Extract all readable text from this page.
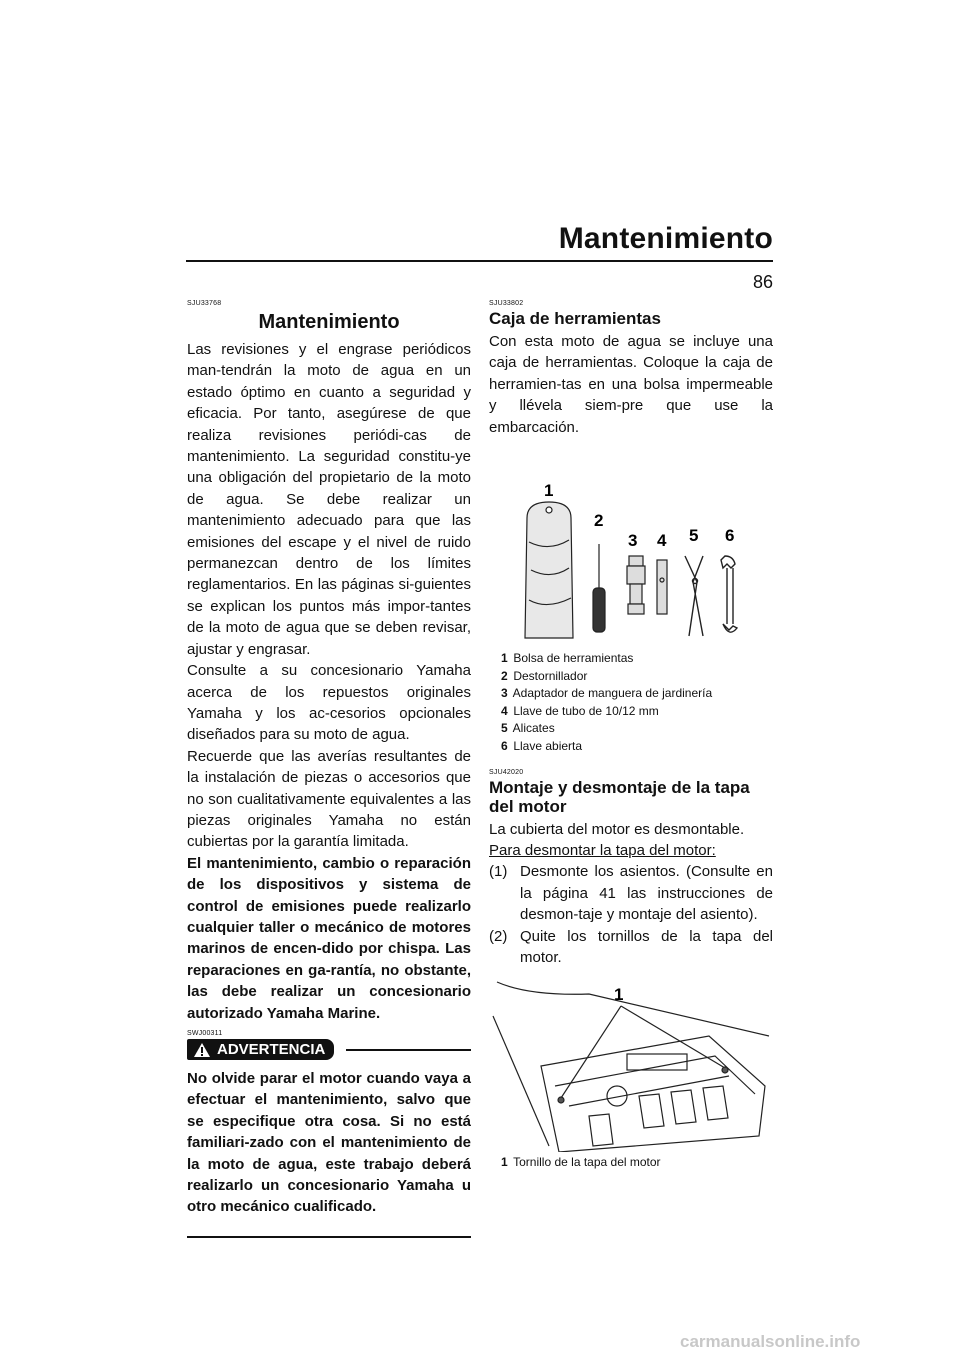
Mantenimiento
86
SJU33768
Mantenimiento

Las revisiones y el engrase periódicos man-tendrán la moto de agua en un estado óptimo en cuanto a seguridad y eficacia. Por tanto, asegúrese de que realiza revisiones periódi-cas de mantenimiento. La seguridad constitu-ye una obligación del propietario de la moto de agua. Se debe realizar un mantenimiento adecuado para que las emisiones del escape y el nivel de ruido permanezcan dentro de los límites reglamentarios. En las páginas si-guientes se explican los puntos más impor-tantes de la moto de agua que se deben revisar, ajustar y engrasar.

Consulte a su concesionario Yamaha acerca de los repuestos originales Yamaha y los ac-cesorios opcionales diseñados para su moto de agua.

Recuerde que las averías resultantes de la instalación de piezas o accesorios que no son cualitativamente equivalentes a las piezas originales Yamaha no están cubiertas por la garantía limitada.

El mantenimiento, cambio o reparación de los dispositivos y sistema de control de emisiones puede realizarlo cualquier taller o mecánico de motores marinos de encen-dido por chispa. Las reparaciones en ga-rantía, no obstante, las debe realizar un concesionario autorizado Yamaha Marine.

SWJ00311
ADVERTENCIA

No olvide parar el motor cuando vaya a efectuar el mantenimiento, salvo que se especifique otra cosa. Si no está familiari-zado con el mantenimiento de la moto de agua, este trabajo deberá realizarlo un concesionario Yamaha u otro mecánico cualificado.

SJU33802
Caja de herramientas

Con esta moto de agua se incluye una caja de herramientas. Coloque la caja de herramien-tas en una bolsa impermeable y llévela siem-pre que use la embarcación.

1
2
3 4 5 6
1 Bolsa de herramientas
2 Destornillador
3 Adaptador de manguera de jardinería
4 Llave de tubo de 10/12 mm
5 Alicates
6 Llave abierta
SJU42020
Montaje y desmontaje de la tapa del motor

La cubierta del motor es desmontable.

Para desmontar la tapa del motor:

(1) Desmonte los asientos. (Consulte en la página 41 las instrucciones de desmon-taje y montaje del asiento).
(2) Quite los tornillos de la tapa del motor.
1
1 Tornillo de la tapa del motor
carmanualsonline.info
